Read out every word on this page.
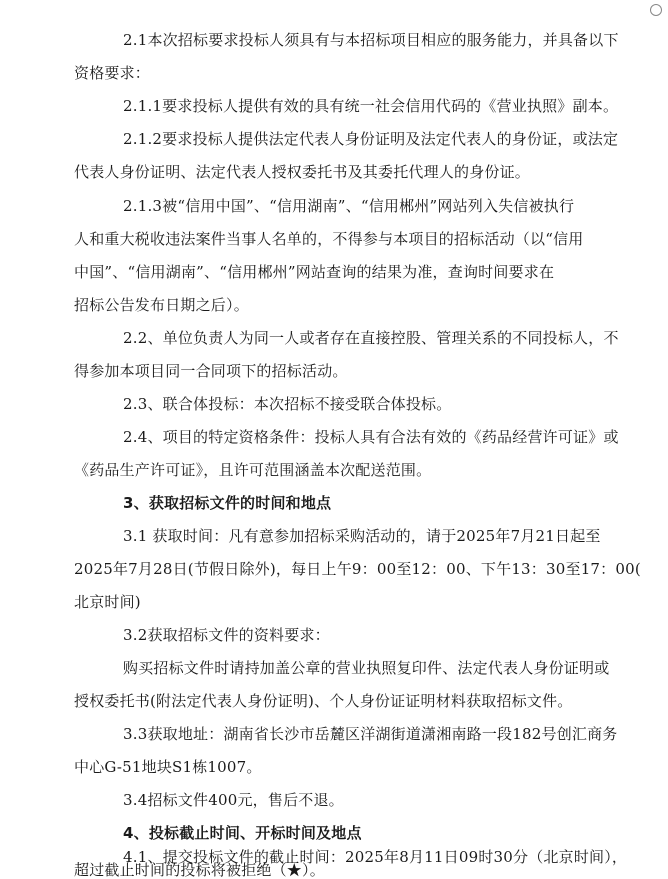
2.1本次招标要求投标人须具有与本招标项目相应的服务能力，并具备以下
资格要求：
2.1.1要求投标人提供有效的具有统一社会信用代码的《营业执照》副本。
2.1.2要求投标人提供法定代表人身份证明及法定代表人的身份证，或法定
代表人身份证明、法定代表人授权委托书及其委托代理人的身份证。
2.1.3被“信用中国”、“信用湖南”、“信用郴州”网站列入失信被执行
人和重大税收违法案件当事人名单的，不得参与本项目的招标活动（以“信用
中国”、“信用湖南”、“信用郴州”网站查询的结果为准，查询时间要求在
招标公告发布日期之后）。
2.2、单位负责人为同一人或者存在直接控股、管理关系的不同投标人，不
得参加本项目同一合同项下的招标活动。
2.3、联合体投标：本次招标不接受联合体投标。
2.4、项目的特定资格条件：投标人具有合法有效的《药品经营许可证》或
《药品生产许可证》，且许可范围涵盖本次配送范围。
3、获取招标文件的时间和地点
3.1 获取时间：凡有意参加招标采购活动的，请于2025年7月21日起至
2025年7月28日(节假日除外)，每日上午9：00至12：00、下午13：30至17：00(
北京时间)
3.2获取招标文件的资料要求：
购买招标文件时请持加盖公章的营业执照复印件、法定代表人身份证明或
授权委托书(附法定代表人身份证明)、个人身份证证明材料获取招标文件。
3.3获取地址：湖南省长沙市岳麓区洋湖街道潇湘南路一段182号创汇商务
中心G-51地块S1栋1007。
3.4招标文件400元，售后不退。
4、投标截止时间、开标时间及地点
4.1、提交投标文件的截止时间：2025年8月11日09时30分（北京时间），
超过截止时间的投标将被拒绝（★）。
